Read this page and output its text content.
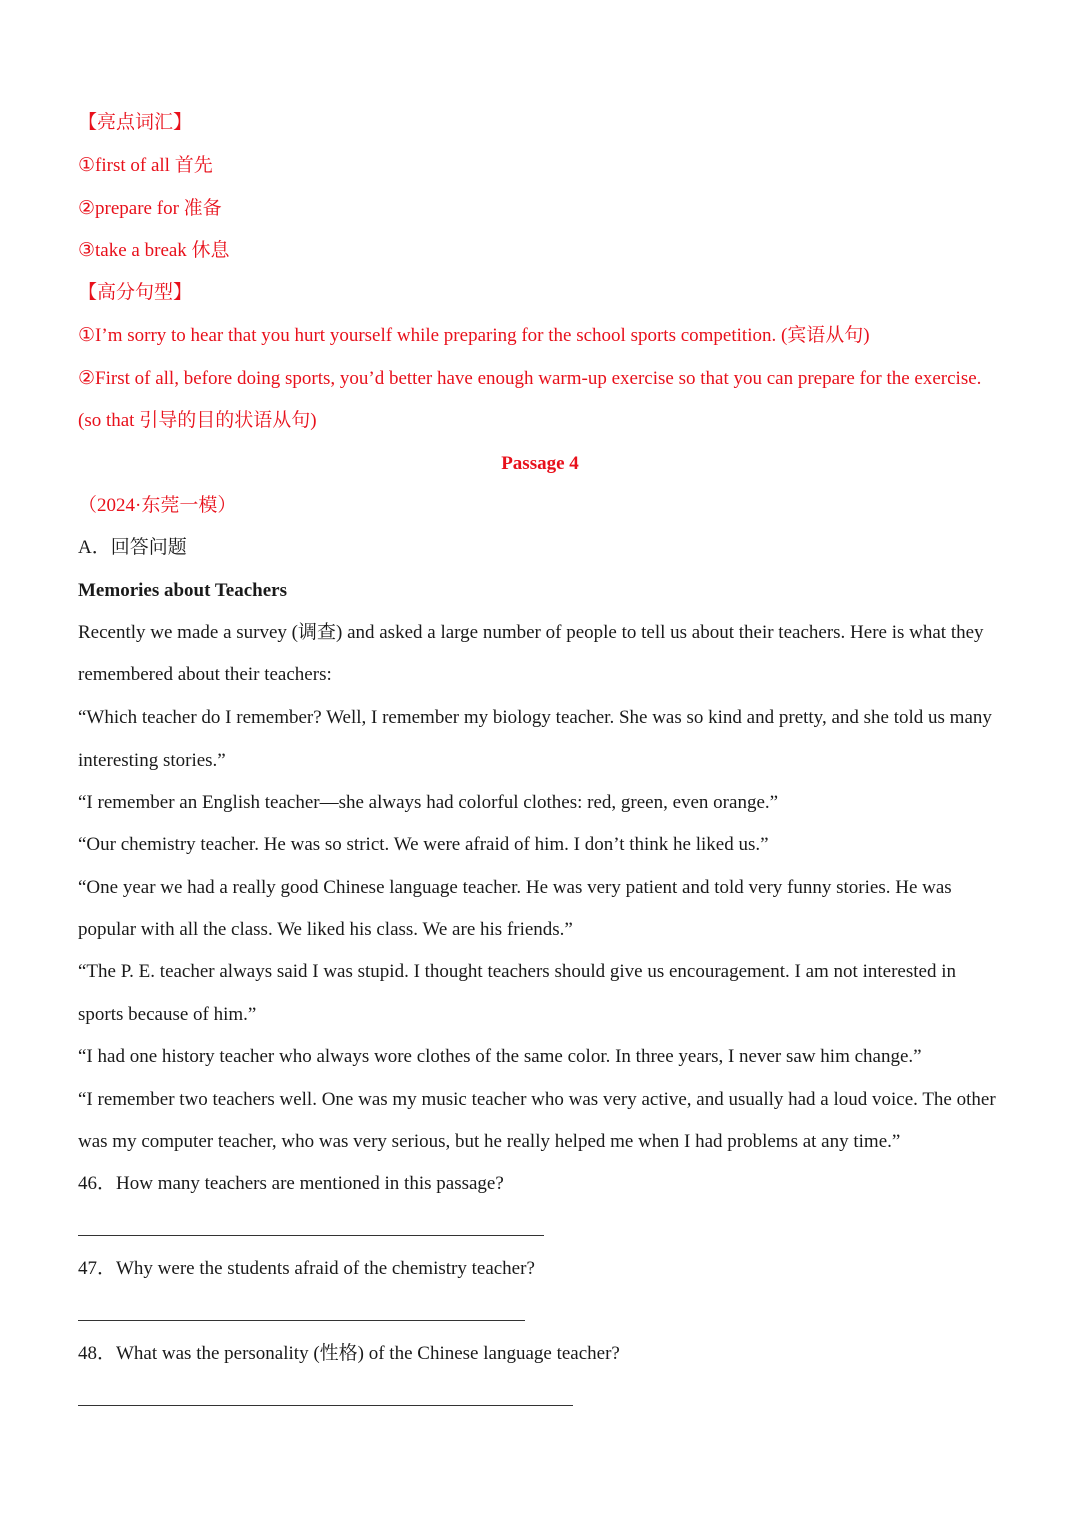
【亮点词汇】
①first of all 首先
②prepare for 准备
③take a break 休息
【高分句型】
①I’m sorry to hear that you hurt yourself while preparing for the school sports competition. (宾语从句)
②First of all, before doing sports, you’d better have enough warm-up exercise so that you can prepare for the exercise.
(so that 引导的目的状语从句)
Passage 4
（2024·东莞一模）
A．回答问题
Memories about Teachers
Recently we made a survey (调查) and asked a large number of people to tell us about their teachers. Here is what they
remembered about their teachers:
“Which teacher do I remember? Well, I remember my biology teacher. She was so kind and pretty, and she told us many
interesting stories.”
“I remember an English teacher—she always had colorful clothes: red, green, even orange.”
“Our chemistry teacher. He was so strict. We were afraid of him. I don’t think he liked us.”
“One year we had a really good Chinese language teacher. He was very patient and told very funny stories. He was
popular with all the class. We liked his class. We are his friends.”
“The P. E. teacher always said I was stupid. I thought teachers should give us encouragement. I am not interested in
sports because of him.”
“I had one history teacher who always wore clothes of the same color. In three years, I never saw him change.”
“I remember two teachers well. One was my music teacher who was very active, and usually had a loud voice. The other
was my computer teacher, who was very serious, but he really helped me when I had problems at any time.”
46．How many teachers are mentioned in this passage?
47．Why were the students afraid of the chemistry teacher?
48．What was the personality (性格) of the Chinese language teacher?
